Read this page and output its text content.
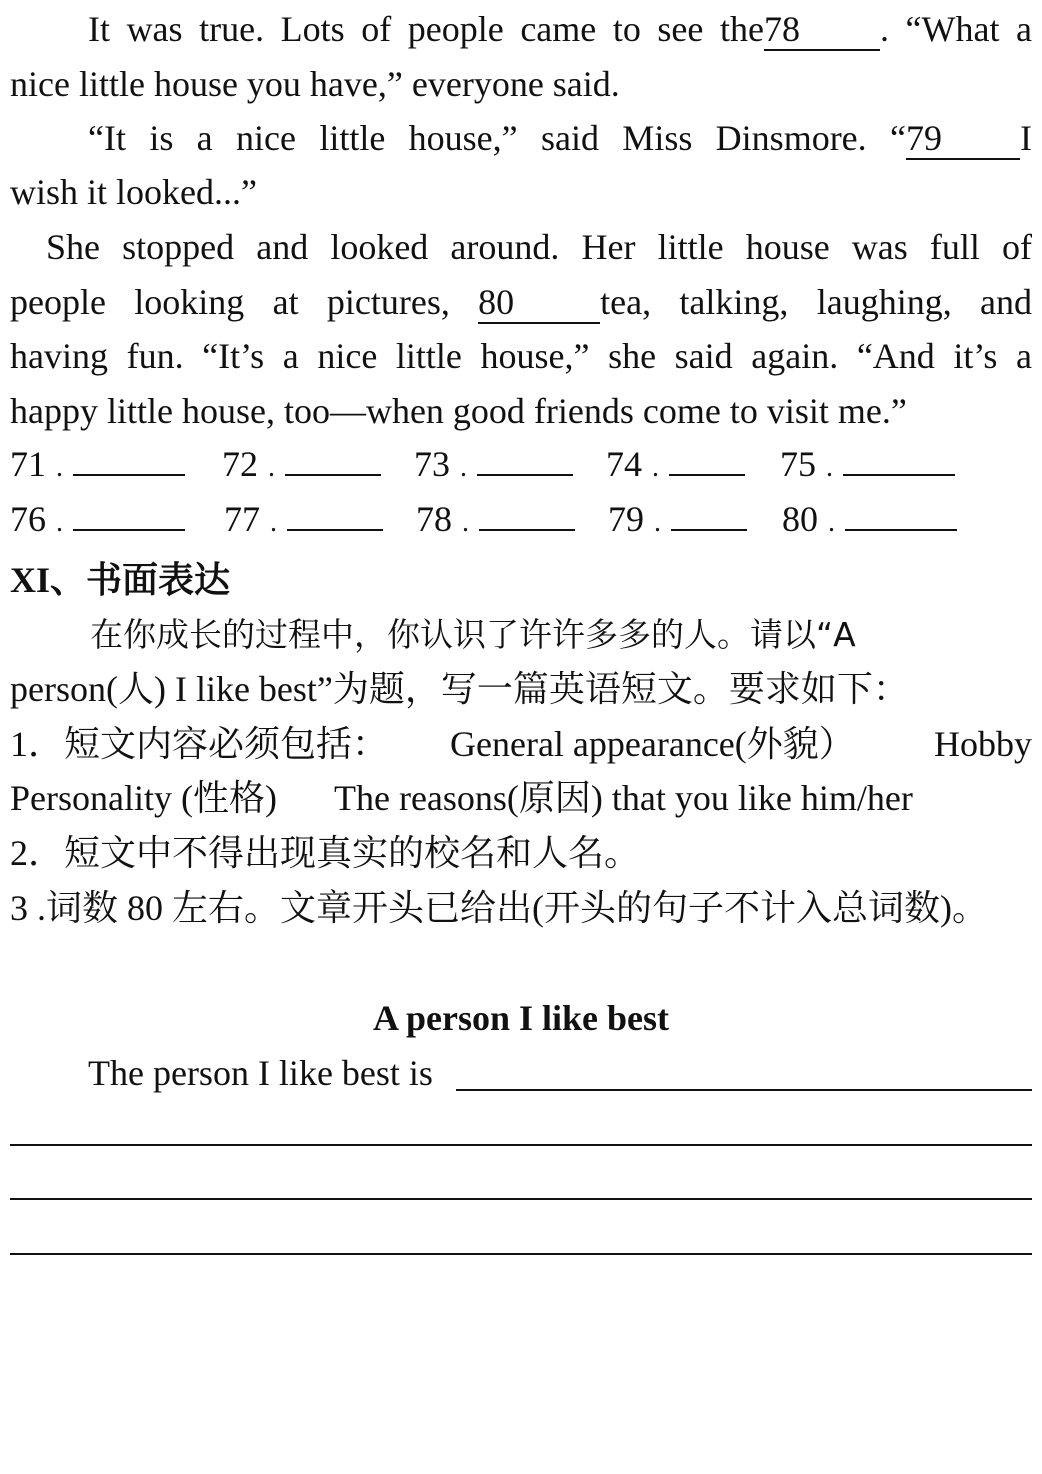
It was true. Lots of people came to see the78 . “What a
nice little house you have,” everyone said.
“It is a nice little house,” said Miss Dinsmore. “79 I
wish it looked...”
She stopped and looked around. Her little house was full of
people looking at pictures, 80 tea, talking, laughing, and
having fun. “It’s a nice little house,” she said again. “And it’s a
happy little house, too—when good friends come to visit me.”
71 .	72 .	73 .	74 .	75 .
76 .	77 .	78 .	79 .	80 .
XI、书面表达
在你成长的过程中，你认识了许许多多的人。请以“A
person(人) I like best”为题，写一篇英语短文。要求如下：
1．短文内容必须包括： General appearance(外貌） Hobby
Personality (性格) The reasons(原因) that you like him/her
2．短文中不得出现真实的校名和人名。
3 .词数 80 左右。文章开头已给出(开头的句子不计入总词数)。
A person I like best
The person I like best is
